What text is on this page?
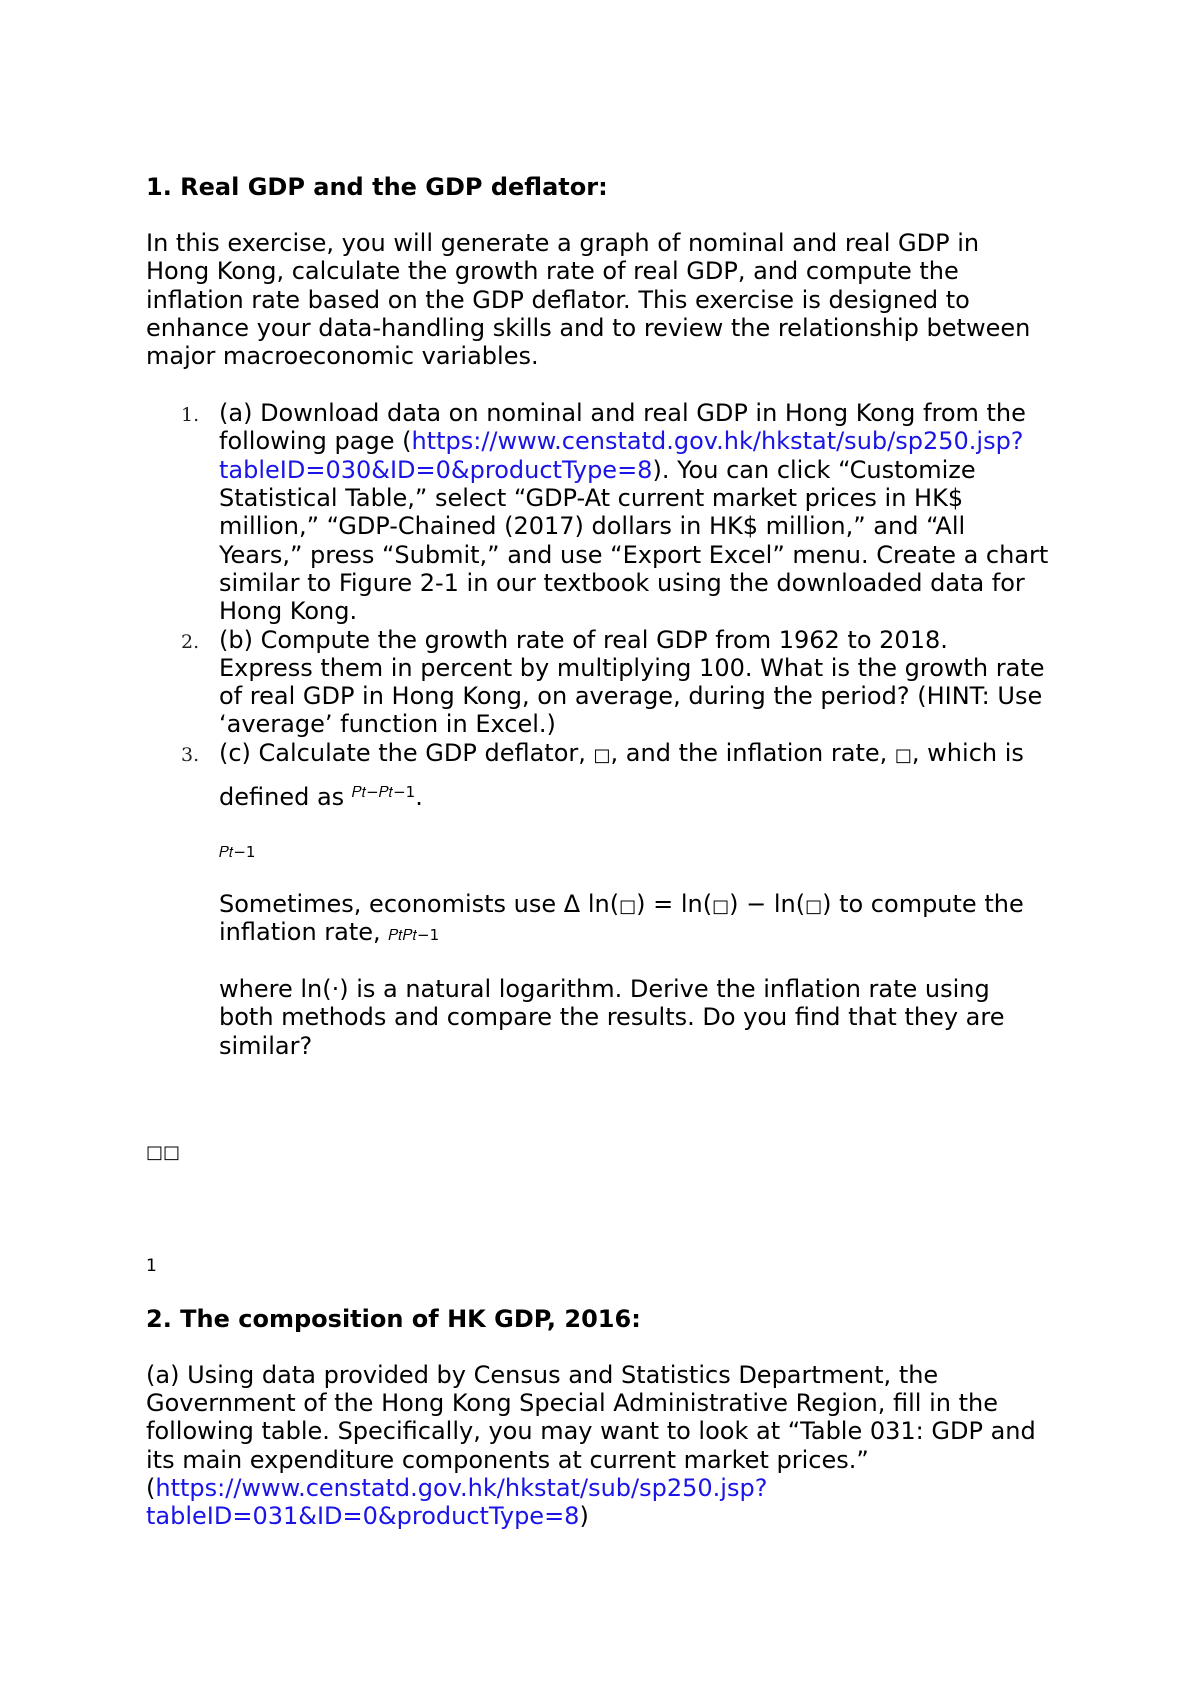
1. Real GDP and the GDP deflator:
In this exercise, you will generate a graph of nominal and real GDP in
Hong Kong, calculate the growth rate of real GDP, and compute the
inflation rate based on the GDP deflator. This exercise is designed to
enhance your data-handling skills and to review the relationship between
major macroeconomic variables.
1. (a) Download data on nominal and real GDP in Hong Kong from the
following page (https://www.censtatd.gov.hk/hkstat/sub/sp250.jsp?
tableID=030&ID=0&productType=8). You can click “Customize
Statistical Table,” select “GDP-At current market prices in HK$
million,” “GDP-Chained (2017) dollars in HK$ million,” and “All
Years,” press “Submit,” and use “Export Excel” menu. Create a chart
similar to Figure 2-1 in our textbook using the downloaded data for
Hong Kong.
2. (b) Compute the growth rate of real GDP from 1962 to 2018.
Express them in percent by multiplying 100. What is the growth rate
of real GDP in Hong Kong, on average, during the period? (HINT: Use
‘average’ function in Excel.)
3. (c) Calculate the GDP deflator, □, and the inflation rate, □, which is
defined as $^{𝑃𝑡-𝑃𝑡-1}$.
𝑃𝑡−1
Sometimes, economists use Δ ln(□) = ln(□) − ln(□) to compute the
inflation rate, 𝑃𝑡𝑃𝑡−1
where ln(·) is a natural logarithm. Derive the inflation rate using
both methods and compare the results. Do you find that they are
similar?
□□
1
2. The composition of HK GDP, 2016:
(a) Using data provided by Census and Statistics Department, the
Government of the Hong Kong Special Administrative Region, fill in the
following table. Specifically, you may want to look at “Table 031: GDP and
its main expenditure components at current market prices.”
(https://www.censtatd.gov.hk/hkstat/sub/sp250.jsp?
tableID=031&ID=0&productType=8)
